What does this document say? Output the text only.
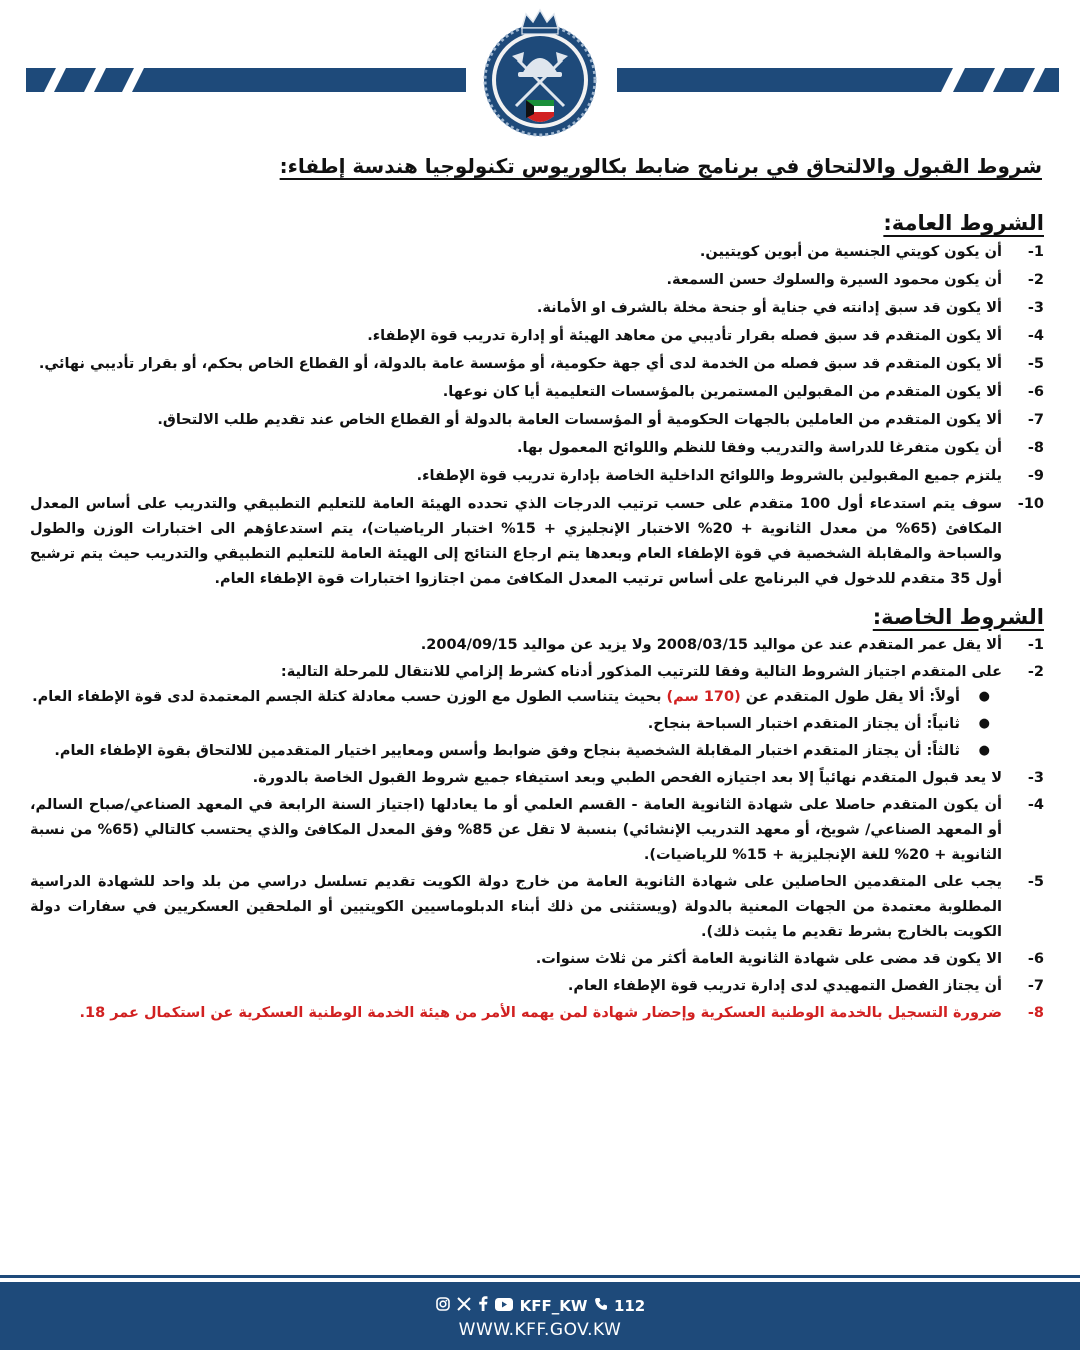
شروط القبول والالتحاق في برنامج ضابط بكالوريوس تكنولوجيا هندسة إطفاء:
الشروط العامة:
1-
أن يكون كويتي الجنسية من أبوين كويتيين.
2-
أن يكون محمود السيرة والسلوك حسن السمعة.
3-
ألا يكون قد سبق إدانته في جناية أو جنحة مخلة بالشرف او الأمانة.
4-
ألا يكون المتقدم قد سبق فصله بقرار تأديبي من معاهد الهيئة أو إدارة تدريب قوة الإطفاء.
5-
ألا يكون المتقدم قد سبق فصله من الخدمة لدى أي جهة حكومية، أو مؤسسة عامة بالدولة، أو القطاع الخاص بحكم، أو بقرار تأديبي نهائي.
6-
ألا يكون المتقدم من المقبولين المستمرين بالمؤسسات التعليمية أيا كان نوعها.
7-
ألا يكون المتقدم من العاملين بالجهات الحكومية أو المؤسسات العامة بالدولة أو القطاع الخاص عند تقديم طلب الالتحاق.
8-
أن يكون متفرغا للدراسة والتدريب وفقا للنظم واللوائح المعمول بها.
9-
يلتزم جميع المقبولين بالشروط واللوائح الداخلية الخاصة بإدارة تدريب قوة الإطفاء.
10-
سوف يتم استدعاء أول 100 متقدم على حسب ترتيب الدرجات الذي تحدده الهيئة العامة للتعليم التطبيقي والتدريب على أساس المعدل المكافئ (65% من معدل الثانوية + 20% الاختبار الإنجليزي + 15% اختبار الرياضيات)، يتم استدعاؤهم الى اختبارات الوزن والطول والسباحة والمقابلة الشخصية في قوة الإطفاء العام وبعدها يتم ارجاع النتائج إلى الهيئة العامة للتعليم التطبيقي والتدريب حيث يتم ترشيح أول 35 متقدم للدخول في البرنامج على أساس ترتيب المعدل المكافئ ممن اجتازوا اختبارات قوة الإطفاء العام.
الشروط الخاصة:
1-
ألا يقل عمر المتقدم عند عن مواليد 2008/03/15 ولا يزيد عن مواليد 2004/09/15.
2-
على المتقدم اجتياز الشروط التالية وفقا للترتيب المذكور أدناه كشرط إلزامي للانتقال للمرحلة التالية:
●
أولاً: ألا يقل طول المتقدم عن (170 سم) بحيث يتناسب الطول مع الوزن حسب معادلة كتلة الجسم المعتمدة لدى قوة الإطفاء العام.
●
ثانياً: أن يجتاز المتقدم اختبار السباحة بنجاح.
●
ثالثاً: أن يجتاز المتقدم اختبار المقابلة الشخصية بنجاح وفق ضوابط وأسس ومعايير اختيار المتقدمين للالتحاق بقوة الإطفاء العام.
3-
لا يعد قبول المتقدم نهائياً إلا بعد اجتيازه الفحص الطبي وبعد استيفاء جميع شروط القبول الخاصة بالدورة.
4-
أن يكون المتقدم حاصلا على شهادة الثانوية العامة - القسم العلمي أو ما يعادلها (اجتياز السنة الرابعة في المعهد الصناعي/صباح السالم، أو المعهد الصناعي/ شويخ، أو معهد التدريب الإنشائي) بنسبة لا تقل عن 85% وفق المعدل المكافئ والذي يحتسب كالتالي (65% من نسبة الثانوية + 20% للغة الإنجليزية + 15% للرياضيات).
5-
يجب على المتقدمين الحاصلين على شهادة الثانوية العامة من خارج دولة الكويت تقديم تسلسل دراسي من بلد واحد للشهادة الدراسية المطلوبة معتمدة من الجهات المعنية بالدولة (ويستثنى من ذلك أبناء الدبلوماسيين الكويتيين أو الملحقين العسكريين في سفارات دولة الكويت بالخارج بشرط تقديم ما يثبت ذلك).
6-
الا يكون قد مضى على شهادة الثانوية العامة أكثر من ثلاث سنوات.
7-
أن يجتاز الفصل التمهيدي لدى إدارة تدريب قوة الإطفاء العام.
8-
ضرورة التسجيل بالخدمة الوطنية العسكرية وإحضار شهادة لمن يهمه الأمر من هيئة الخدمة الوطنية العسكرية عن استكمال عمر 18.
KFF_KW 112
WWW.KFF.GOV.KW
